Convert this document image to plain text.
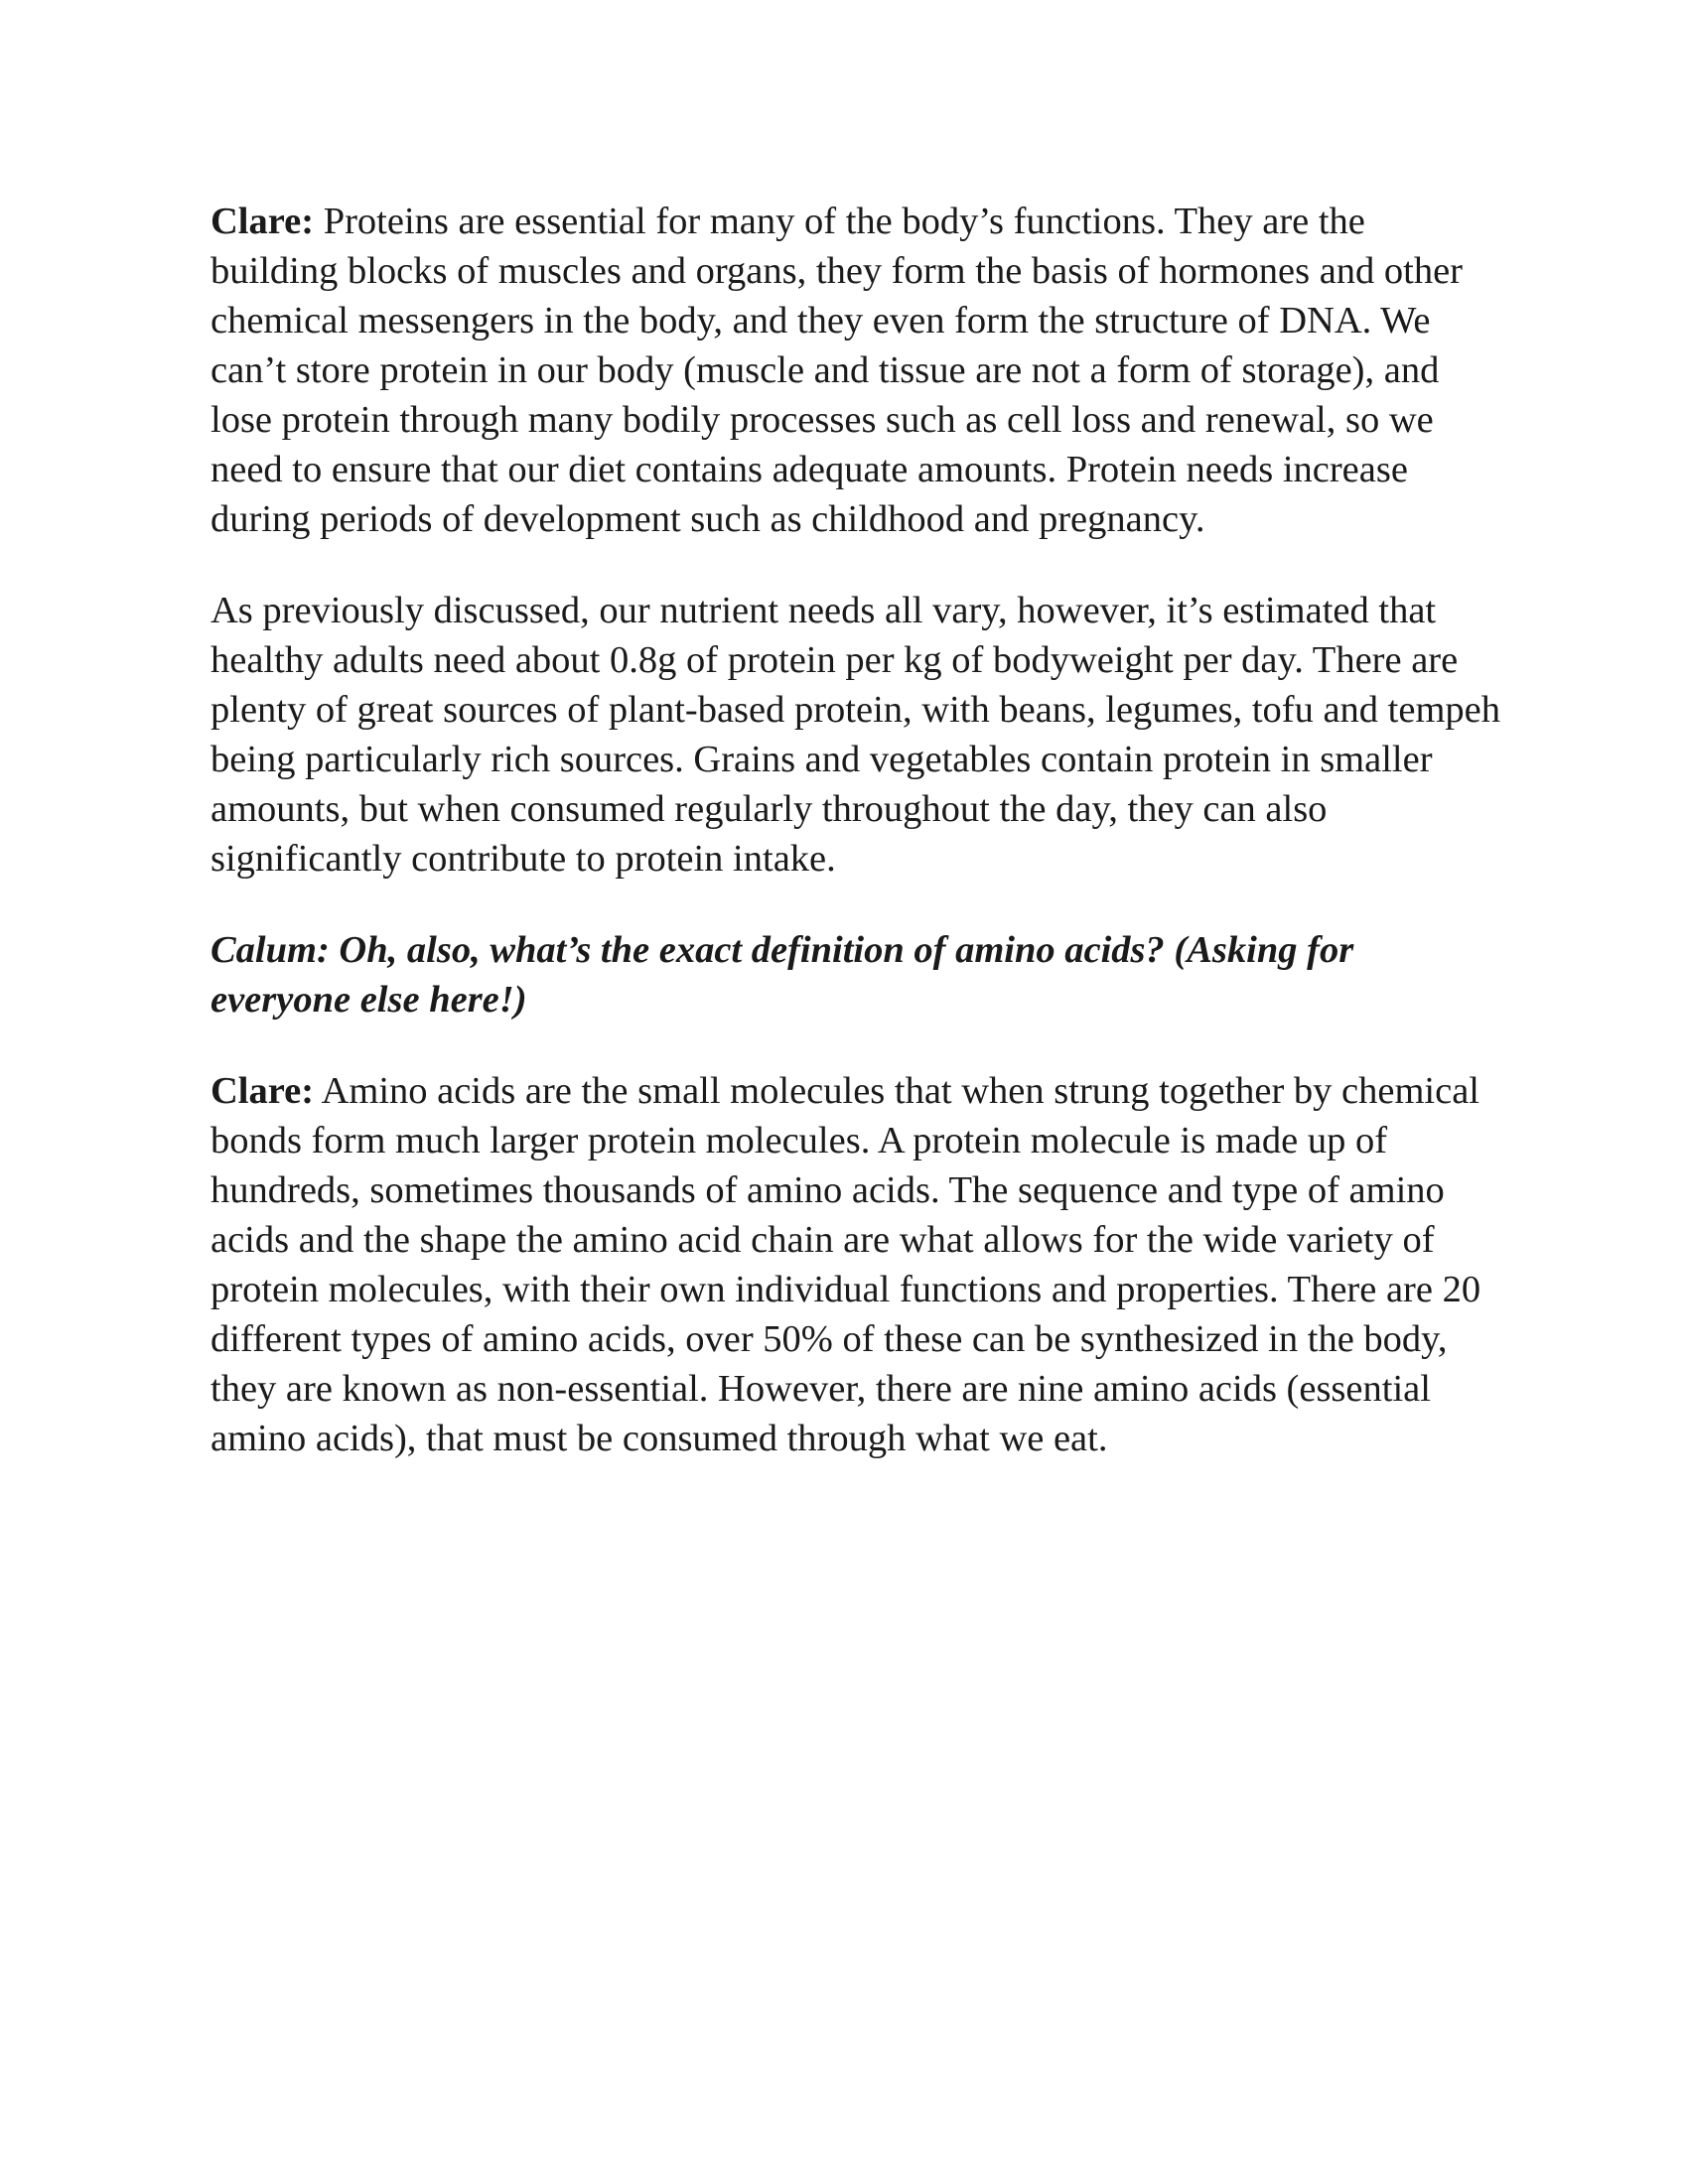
Clare: Proteins are essential for many of the body’s functions. They are the building blocks of muscles and organs, they form the basis of hormones and other chemical messengers in the body, and they even form the structure of DNA. We can’t store protein in our body (muscle and tissue are not a form of storage), and lose protein through many bodily processes such as cell loss and renewal, so we need to ensure that our diet contains adequate amounts. Protein needs increase during periods of development such as childhood and pregnancy.

As previously discussed, our nutrient needs all vary, however, it’s estimated that healthy adults need about 0.8g of protein per kg of bodyweight per day. There are plenty of great sources of plant-based protein, with beans, legumes, tofu and tempeh being particularly rich sources. Grains and vegetables contain protein in smaller amounts, but when consumed regularly throughout the day, they can also significantly contribute to protein intake.

Calum: Oh, also, what’s the exact definition of amino acids? (Asking for everyone else here!)

Clare: Amino acids are the small molecules that when strung together by chemical bonds form much larger protein molecules. A protein molecule is made up of hundreds, sometimes thousands of amino acids. The sequence and type of amino acids and the shape the amino acid chain are what allows for the wide variety of protein molecules, with their own individual functions and properties. There are 20 different types of amino acids, over 50% of these can be synthesized in the body, they are known as non-essential. However, there are nine amino acids (essential amino acids), that must be consumed through what we eat.
